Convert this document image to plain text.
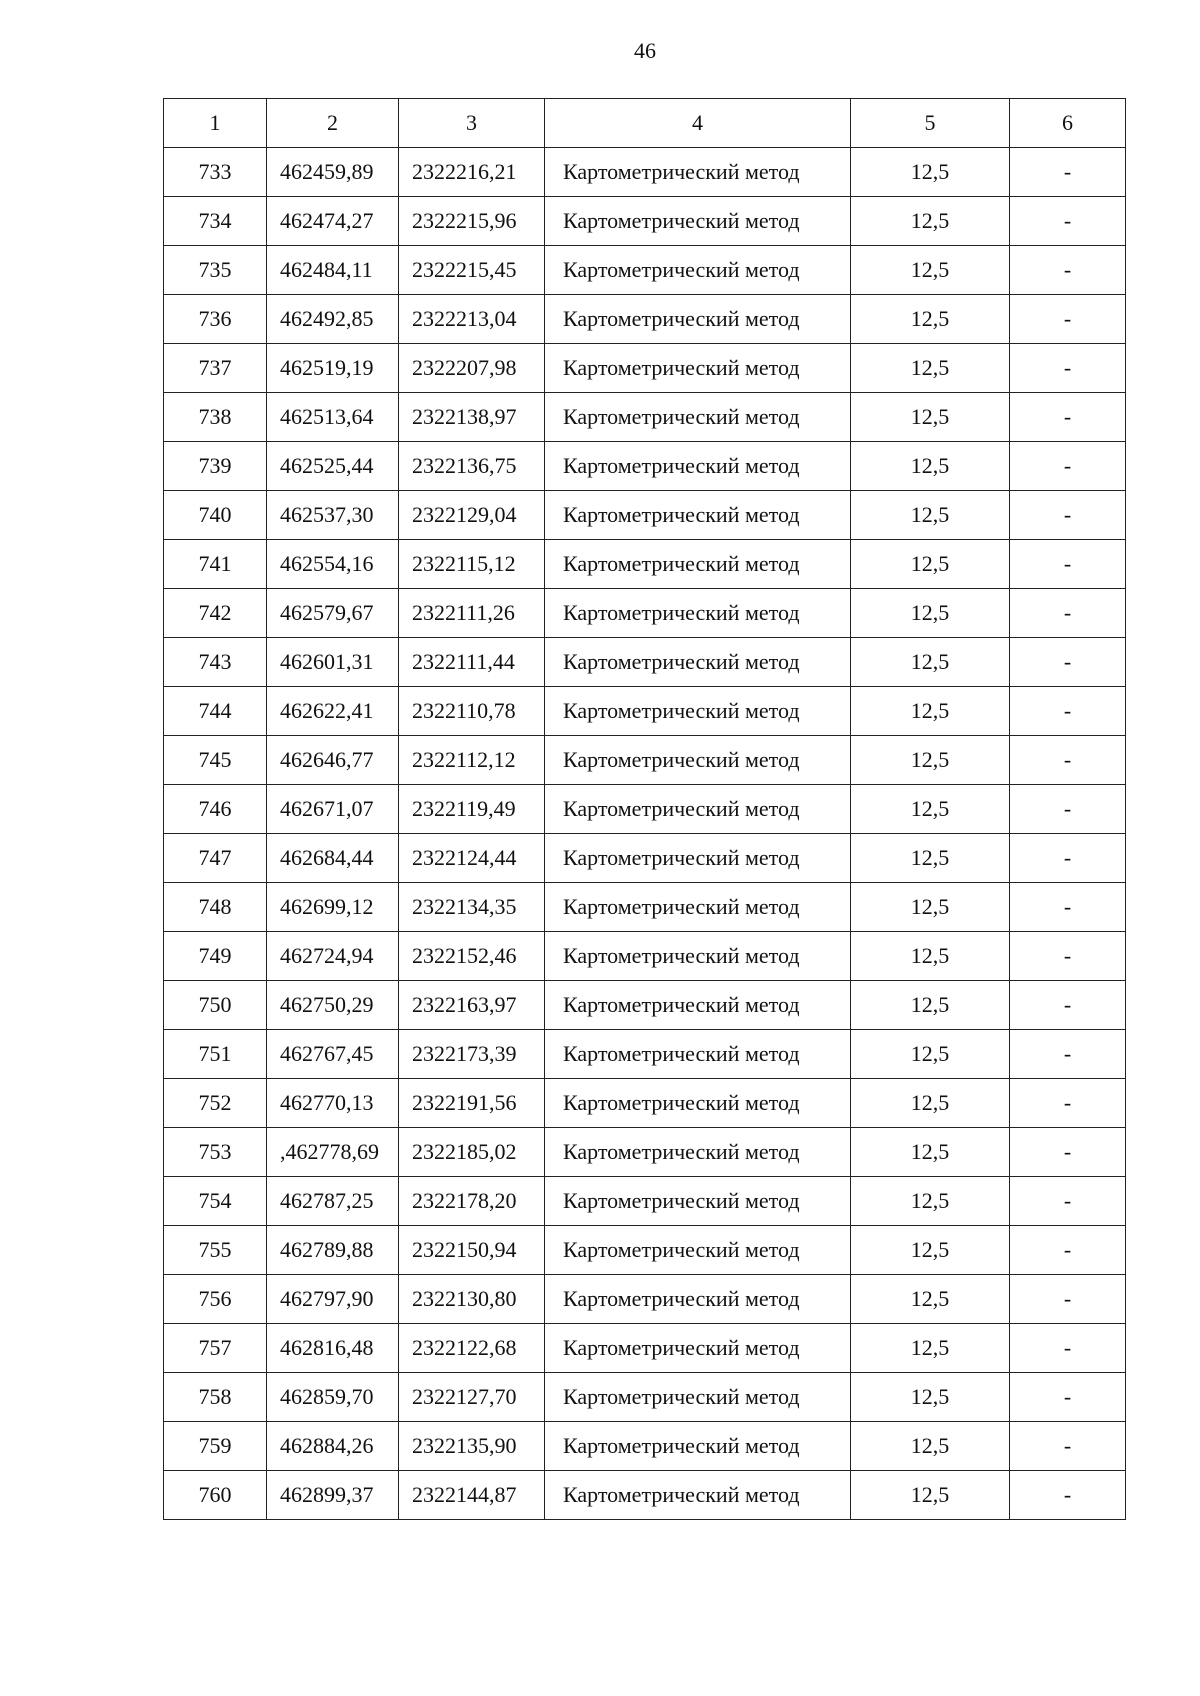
46
1	2	3	4	5	6
733	462459,89	2322216,21	Картометрический метод	12,5	-
734	462474,27	2322215,96	Картометрический метод	12,5	-
735	462484,11	2322215,45	Картометрический метод	12,5	-
736	462492,85	2322213,04	Картометрический метод	12,5	-
737	462519,19	2322207,98	Картометрический метод	12,5	-
738	462513,64	2322138,97	Картометрический метод	12,5	-
739	462525,44	2322136,75	Картометрический метод	12,5	-
740	462537,30	2322129,04	Картометрический метод	12,5	-
741	462554,16	2322115,12	Картометрический метод	12,5	-
742	462579,67	2322111,26	Картометрический метод	12,5	-
743	462601,31	2322111,44	Картометрический метод	12,5	-
744	462622,41	2322110,78	Картометрический метод	12,5	-
745	462646,77	2322112,12	Картометрический метод	12,5	-
746	462671,07	2322119,49	Картометрический метод	12,5	-
747	462684,44	2322124,44	Картометрический метод	12,5	-
748	462699,12	2322134,35	Картометрический метод	12,5	-
749	462724,94	2322152,46	Картометрический метод	12,5	-
750	462750,29	2322163,97	Картометрический метод	12,5	-
751	462767,45	2322173,39	Картометрический метод	12,5	-
752	462770,13	2322191,56	Картометрический метод	12,5	-
753	,462778,69	2322185,02	Картометрический метод	12,5	-
754	462787,25	2322178,20	Картометрический метод	12,5	-
755	462789,88	2322150,94	Картометрический метод	12,5	-
756	462797,90	2322130,80	Картометрический метод	12,5	-
757	462816,48	2322122,68	Картометрический метод	12,5	-
758	462859,70	2322127,70	Картометрический метод	12,5	-
759	462884,26	2322135,90	Картометрический метод	12,5	-
760	462899,37	2322144,87	Картометрический метод	12,5	-
